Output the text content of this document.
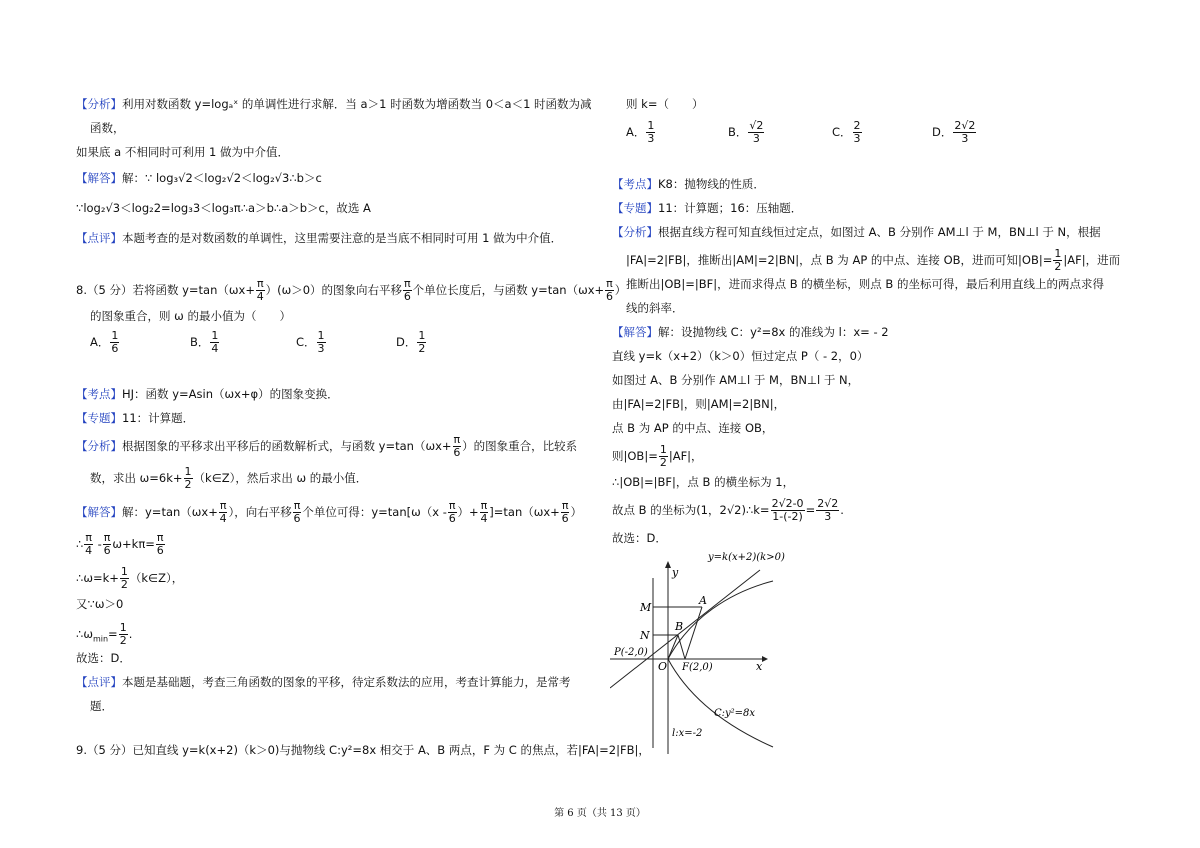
【分析】利用对数函数 y=logₐˣ 的单调性进行求解．当 a＞1 时函数为增函数当 0＜a＜1 时函数为减
函数，
如果底 a 不相同时可利用 1 做为中介值．
【解答】解：∵ log₃√2＜log₂√2＜log₂√3∴b＞c
∵log₂√3＜log₂2=log₃3＜log₃π∴a＞b∴a＞b＞c，故选 A
【点评】本题考查的是对数函数的单调性，这里需要注意的是当底不相同时可用 1 做为中介值．
8.（5 分）若将函数 $y=\tan(\omega x+ \frac{\pi}{4} )(\omega>0)$的图象向右平移 $\frac{\pi}{6}$ 个单位长度后，与函数 $y=\tan(\omega x+ \frac{\pi}{6}$ ）
的图象重合，则 ω 的最小值为（　　）
A． $\frac{1}{6}$	B． $\frac{1}{4}$	C． $\frac{1}{3}$	D． $\frac{1}{2}$
【考点】HJ：函数 y=Asin（ωx+φ）的图象变换．
【专题】11：计算题．
【分析】根据图象的平移求出平移后的函数解析式，与函数 $y=\tan(\omega x+ \frac{\pi}{6}$ ）的图象重合，比较系
数，求出 $\omega=6k+ \frac{1}{2}$ （k∈Z），然后求出 ω 的最小值．
【解答】解：$y=\tan(\omega x+ \frac{\pi}{4}$ ），向右平移 $\frac{\pi}{6}$ 个单位可得：$y=\tan[\omega(x - \frac{\pi}{6}$ ）+ $\frac{\pi}{4} ]=\tan(\omega x+ \frac{\pi}{6}$ ）
∴ $\frac{\pi}{4} - \frac{\pi}{6} \omega+k\pi= \frac{\pi}{6}$
∴ω=k+ $\frac{1}{2}$ （k∈Z），
又∵ω＞0
$\therefore\omega_{min}= \frac{1}{2}$ .
故选：D．
【点评】本题是基础题，考查三角函数的图象的平移，待定系数法的应用，考查计算能力，是常考
题．
9.（5 分）已知直线 y=k(x+2)（k＞0)与抛物线 C:y²=8x 相交于 A、B 两点，F 为 C 的焦点，若|FA|=2|FB|，
则 k=（　　）
A． $\frac{1}{3}$	B． $\frac{√2}{3}$	C． $\frac{2}{3}$	D． $\frac{2√2}{3}$
【考点】K8：抛物线的性质．
【专题】11：计算题；16：压轴题．
【分析】根据直线方程可知直线恒过定点，如图过 A、B 分别作 AM⊥l 于 M，BN⊥l 于 N，根据
|FA|=2|FB|，推断出|AM|=2|BN|，点 B 为 AP 的中点、连接 OB，进而可知$|OB|= \frac{1}{2} |AF|$，进而
推断出|OB|=|BF|，进而求得点 B 的横坐标，则点 B 的坐标可得，最后利用直线上的两点求得
线的斜率．
【解答】解：设抛物线 C：y²=8x 的准线为 l：x= - 2
直线 y=k（x+2）（k＞0）恒过定点 P（ - 2，0）
如图过 A、B 分别作 AM⊥l 于 M，BN⊥l 于 N，
由|FA|=2|FB|，则|AM|=2|BN|，
点 B 为 AP 的中点、连接 OB，
则$|OB|= \frac{1}{2} |AF|$，
∴|OB|=|BF|，点 B 的横坐标为 1，
故点 B 的坐标为(1，2√2)∴k= $\frac{2√2-0}{1-(-2)} = \frac{2√2}{3}$ .
故选：D．
y=k(x+2)(k>0)
y
x
M
A
N
B
P(-2,0)
O F(2,0)
C:y²=8x
l:x=-2
第 6 页（共 13 页）
